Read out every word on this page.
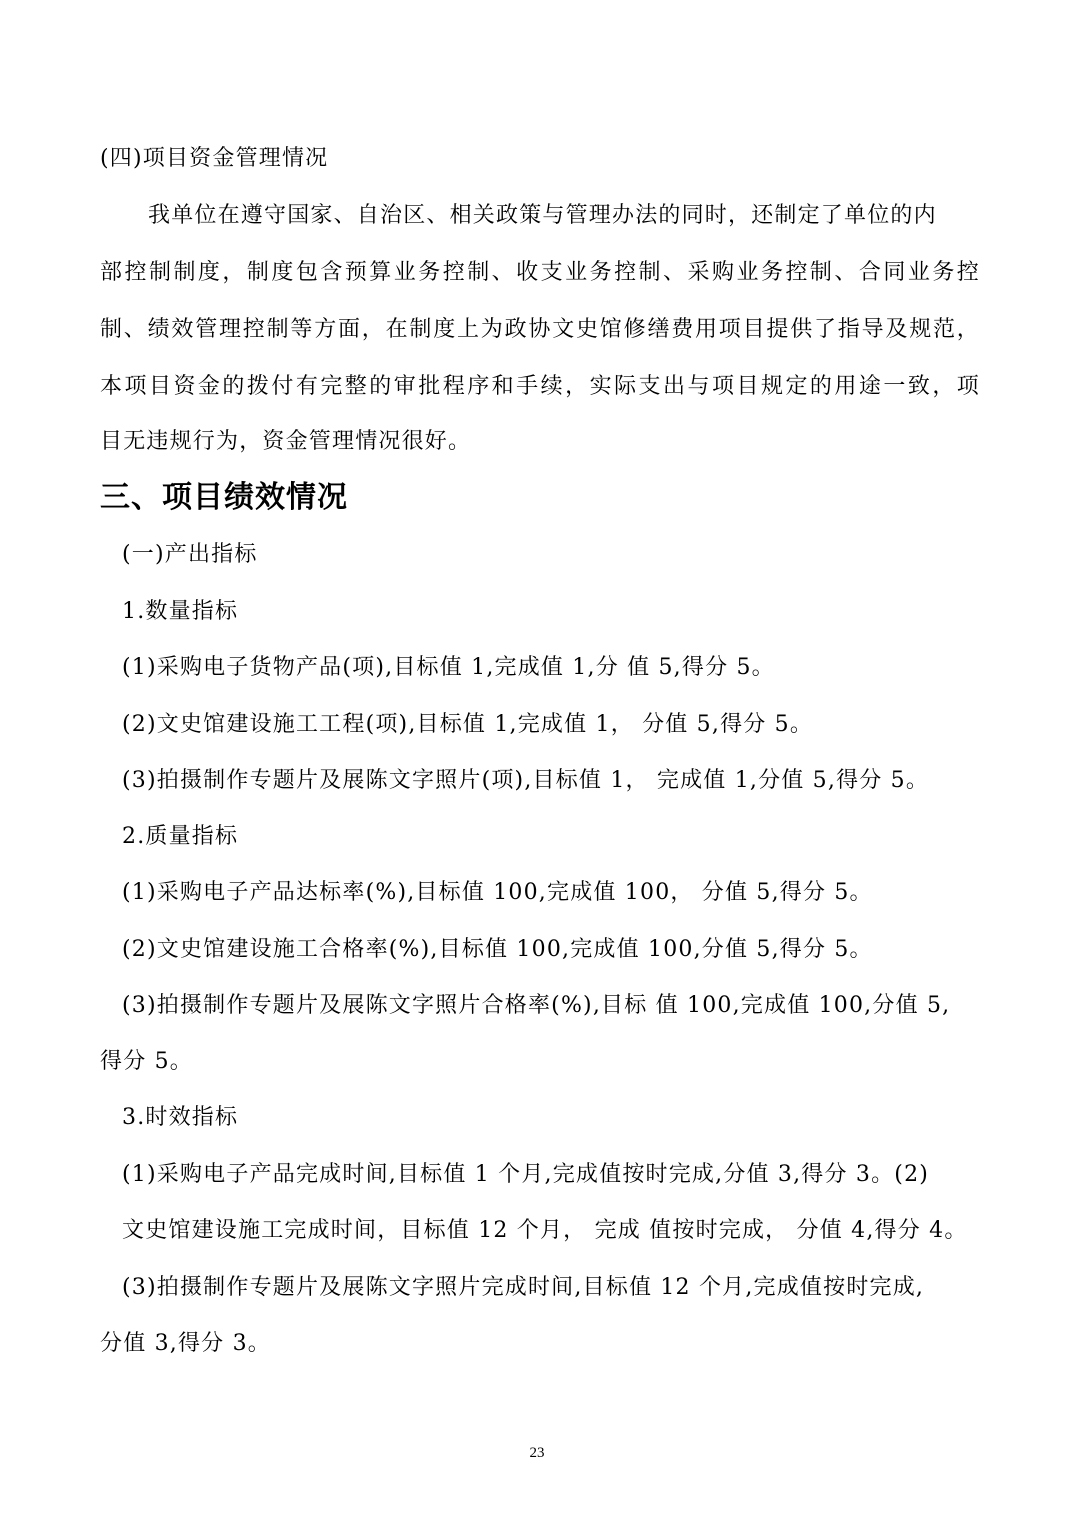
(四)项目资金管理情况
我单位在遵守国家、自治区、相关政策与管理办法的同时，还制定了单位的内
部控制制度，制度包含预算业务控制、收支业务控制、采购业务控制、合同业务控
制、绩效管理控制等方面，在制度上为政协文史馆修缮费用项目提供了指导及规范，
本项目资金的拨付有完整的审批程序和手续，实际支出与项目规定的用途一致，项
目无违规行为，资金管理情况很好。
三、项目绩效情况
(一)产出指标
1.数量指标
(1)采购电子货物产品(项),目标值 1,完成值 1,分 值 5,得分 5。
(2)文史馆建设施工工程(项),目标值 1,完成值 1， 分值 5,得分 5。
(3)拍摄制作专题片及展陈文字照片(项),目标值 1， 完成值 1,分值 5,得分 5。
2.质量指标
(1)采购电子产品达标率(%),目标值 100,完成值 100， 分值 5,得分 5。
(2)文史馆建设施工合格率(%),目标值 100,完成值 100,分值 5,得分 5。
(3)拍摄制作专题片及展陈文字照片合格率(%),目标 值 100,完成值 100,分值 5,
得分 5。
3.时效指标
(1)采购电子产品完成时间,目标值 1 个月,完成值按时完成,分值 3,得分 3。(2)
文史馆建设施工完成时间，目标值 12 个月， 完成 值按时完成， 分值 4,得分 4。
(3)拍摄制作专题片及展陈文字照片完成时间,目标值 12 个月,完成值按时完成,
分值 3,得分 3。
23
